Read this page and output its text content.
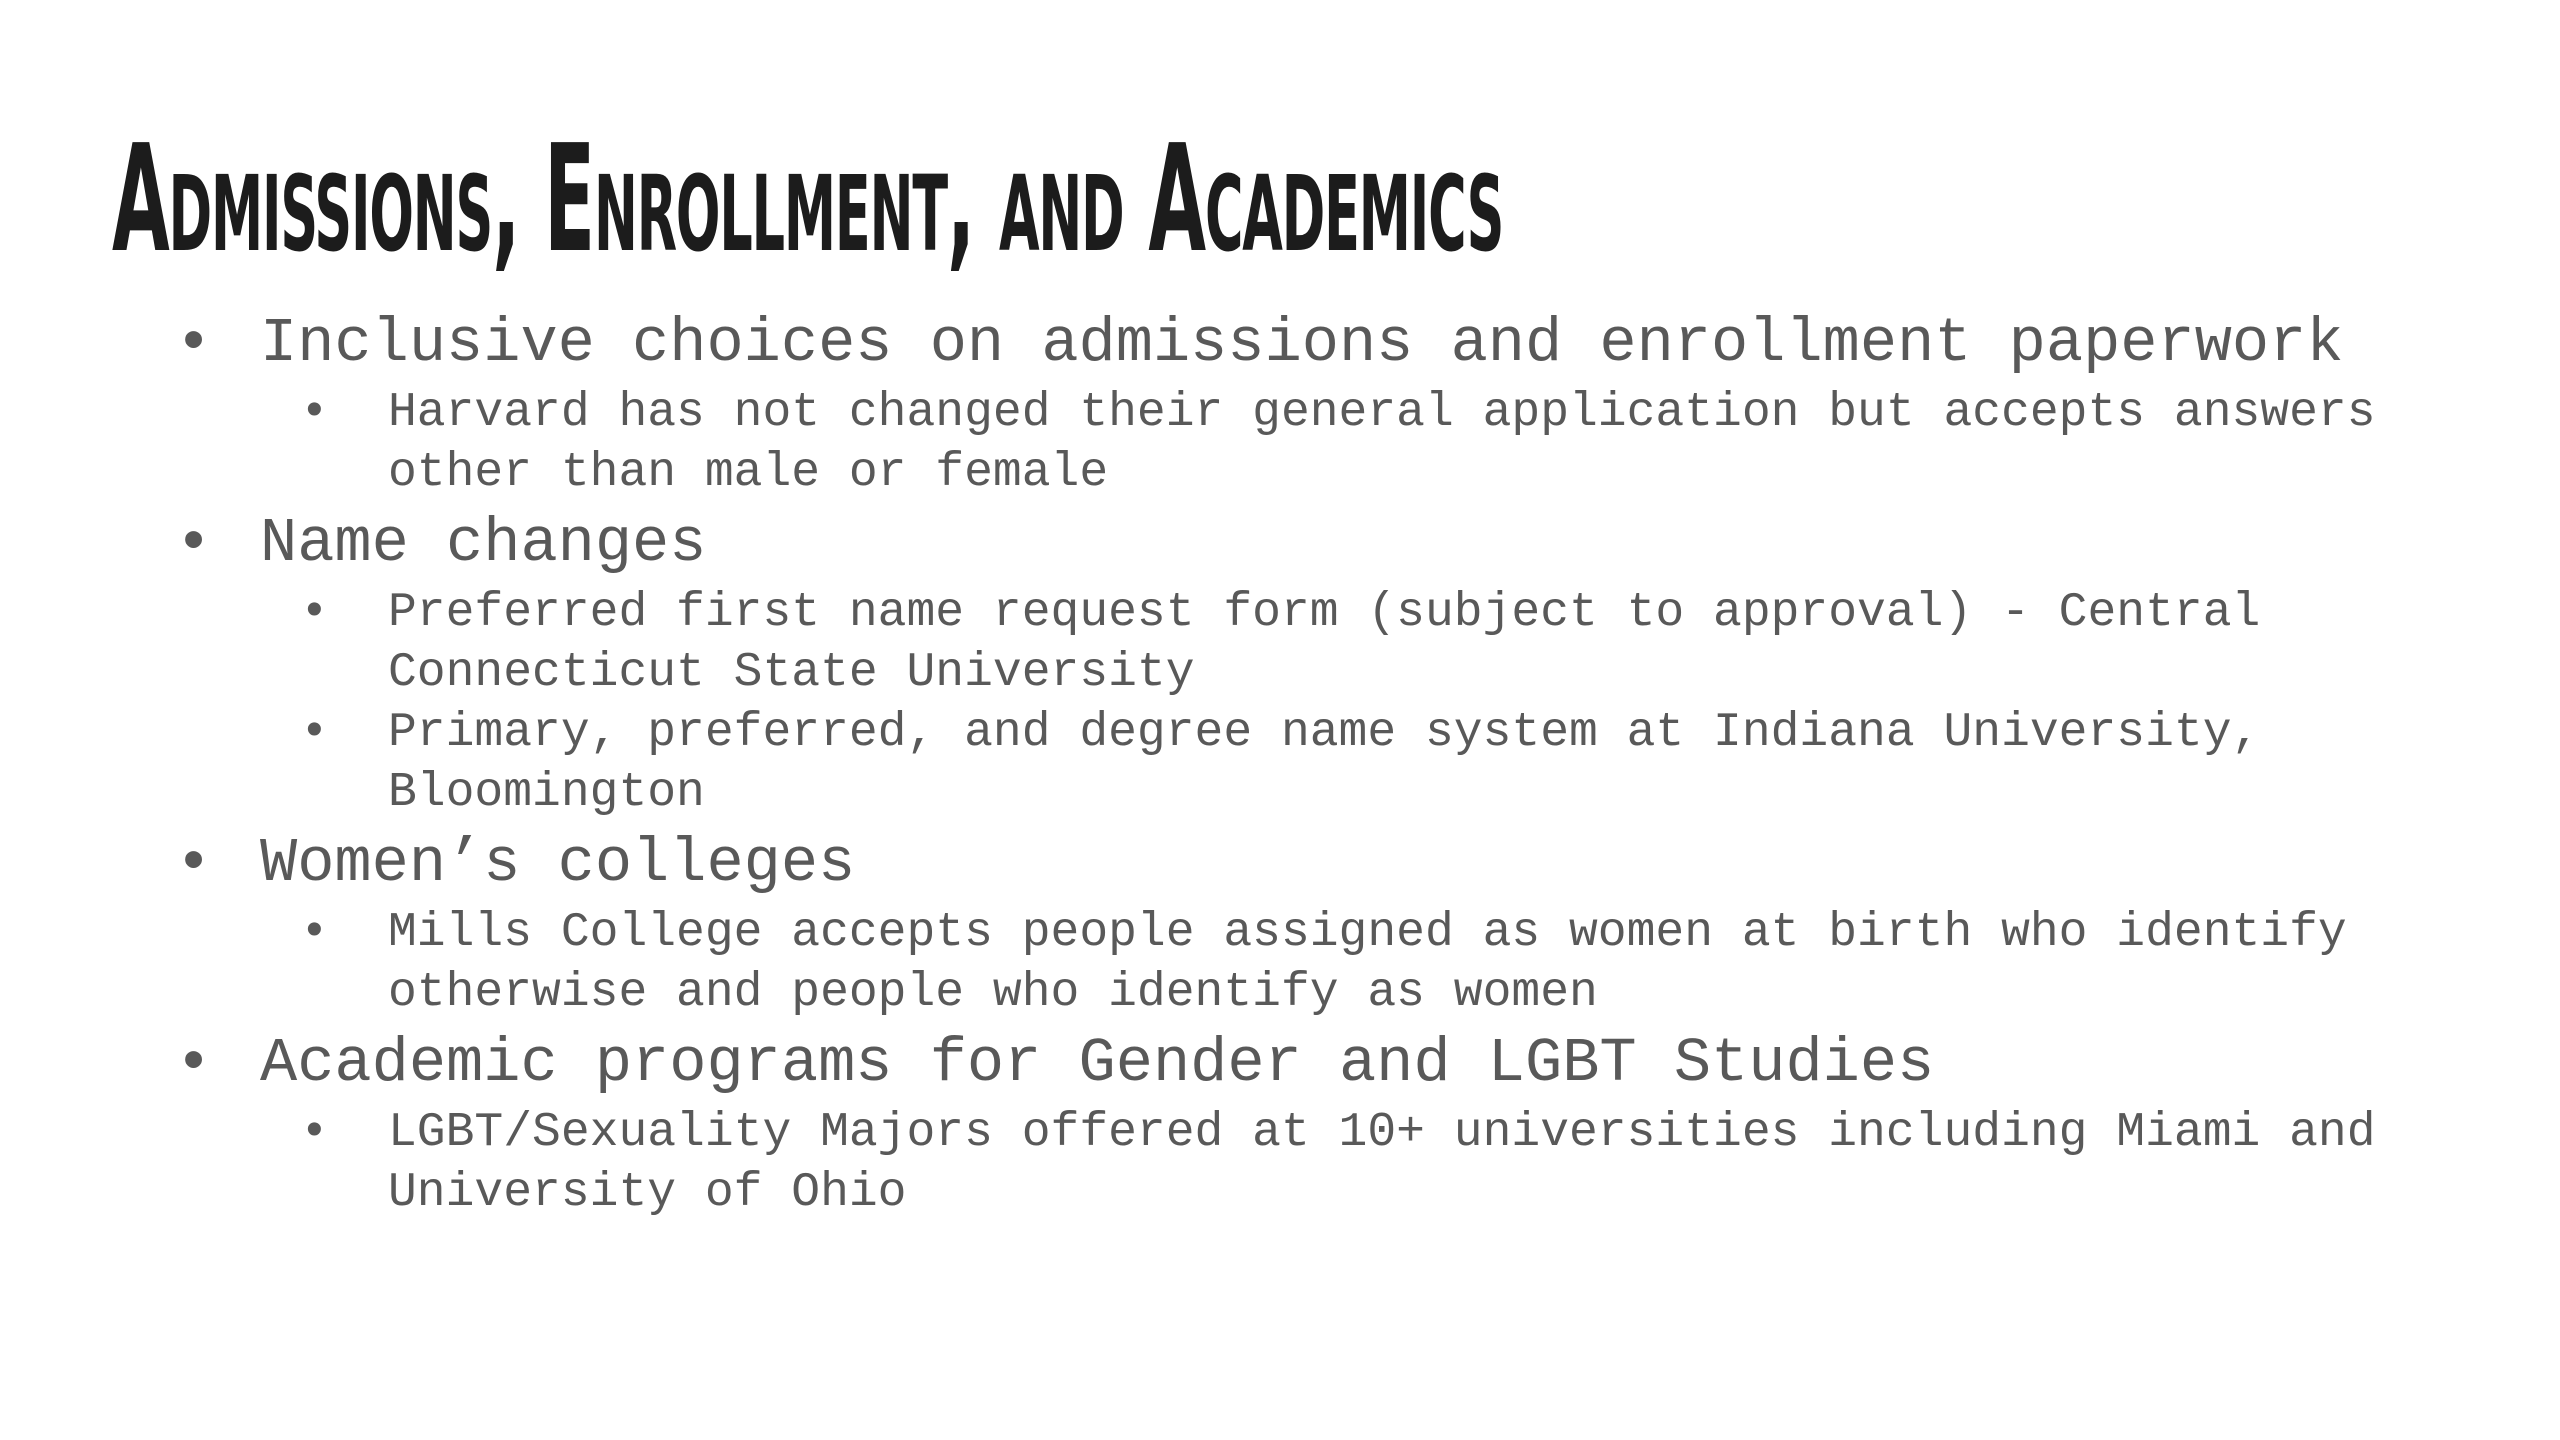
Admissions, Enrollment, and Academics
• Inclusive choices on admissions and enrollment paperwork
• Harvard has not changed their general application but accepts answers other than male or female
• Name changes
• Preferred first name request form (subject to approval) - Central Connecticut State University
• Primary, preferred, and degree name system at Indiana University, Bloomington
• Women’s colleges
• Mills College accepts people assigned as women at birth who identify otherwise and people who identify as women
• Academic programs for Gender and LGBT Studies
• LGBT/Sexuality Majors offered at 10+ universities including Miami and University of Ohio
